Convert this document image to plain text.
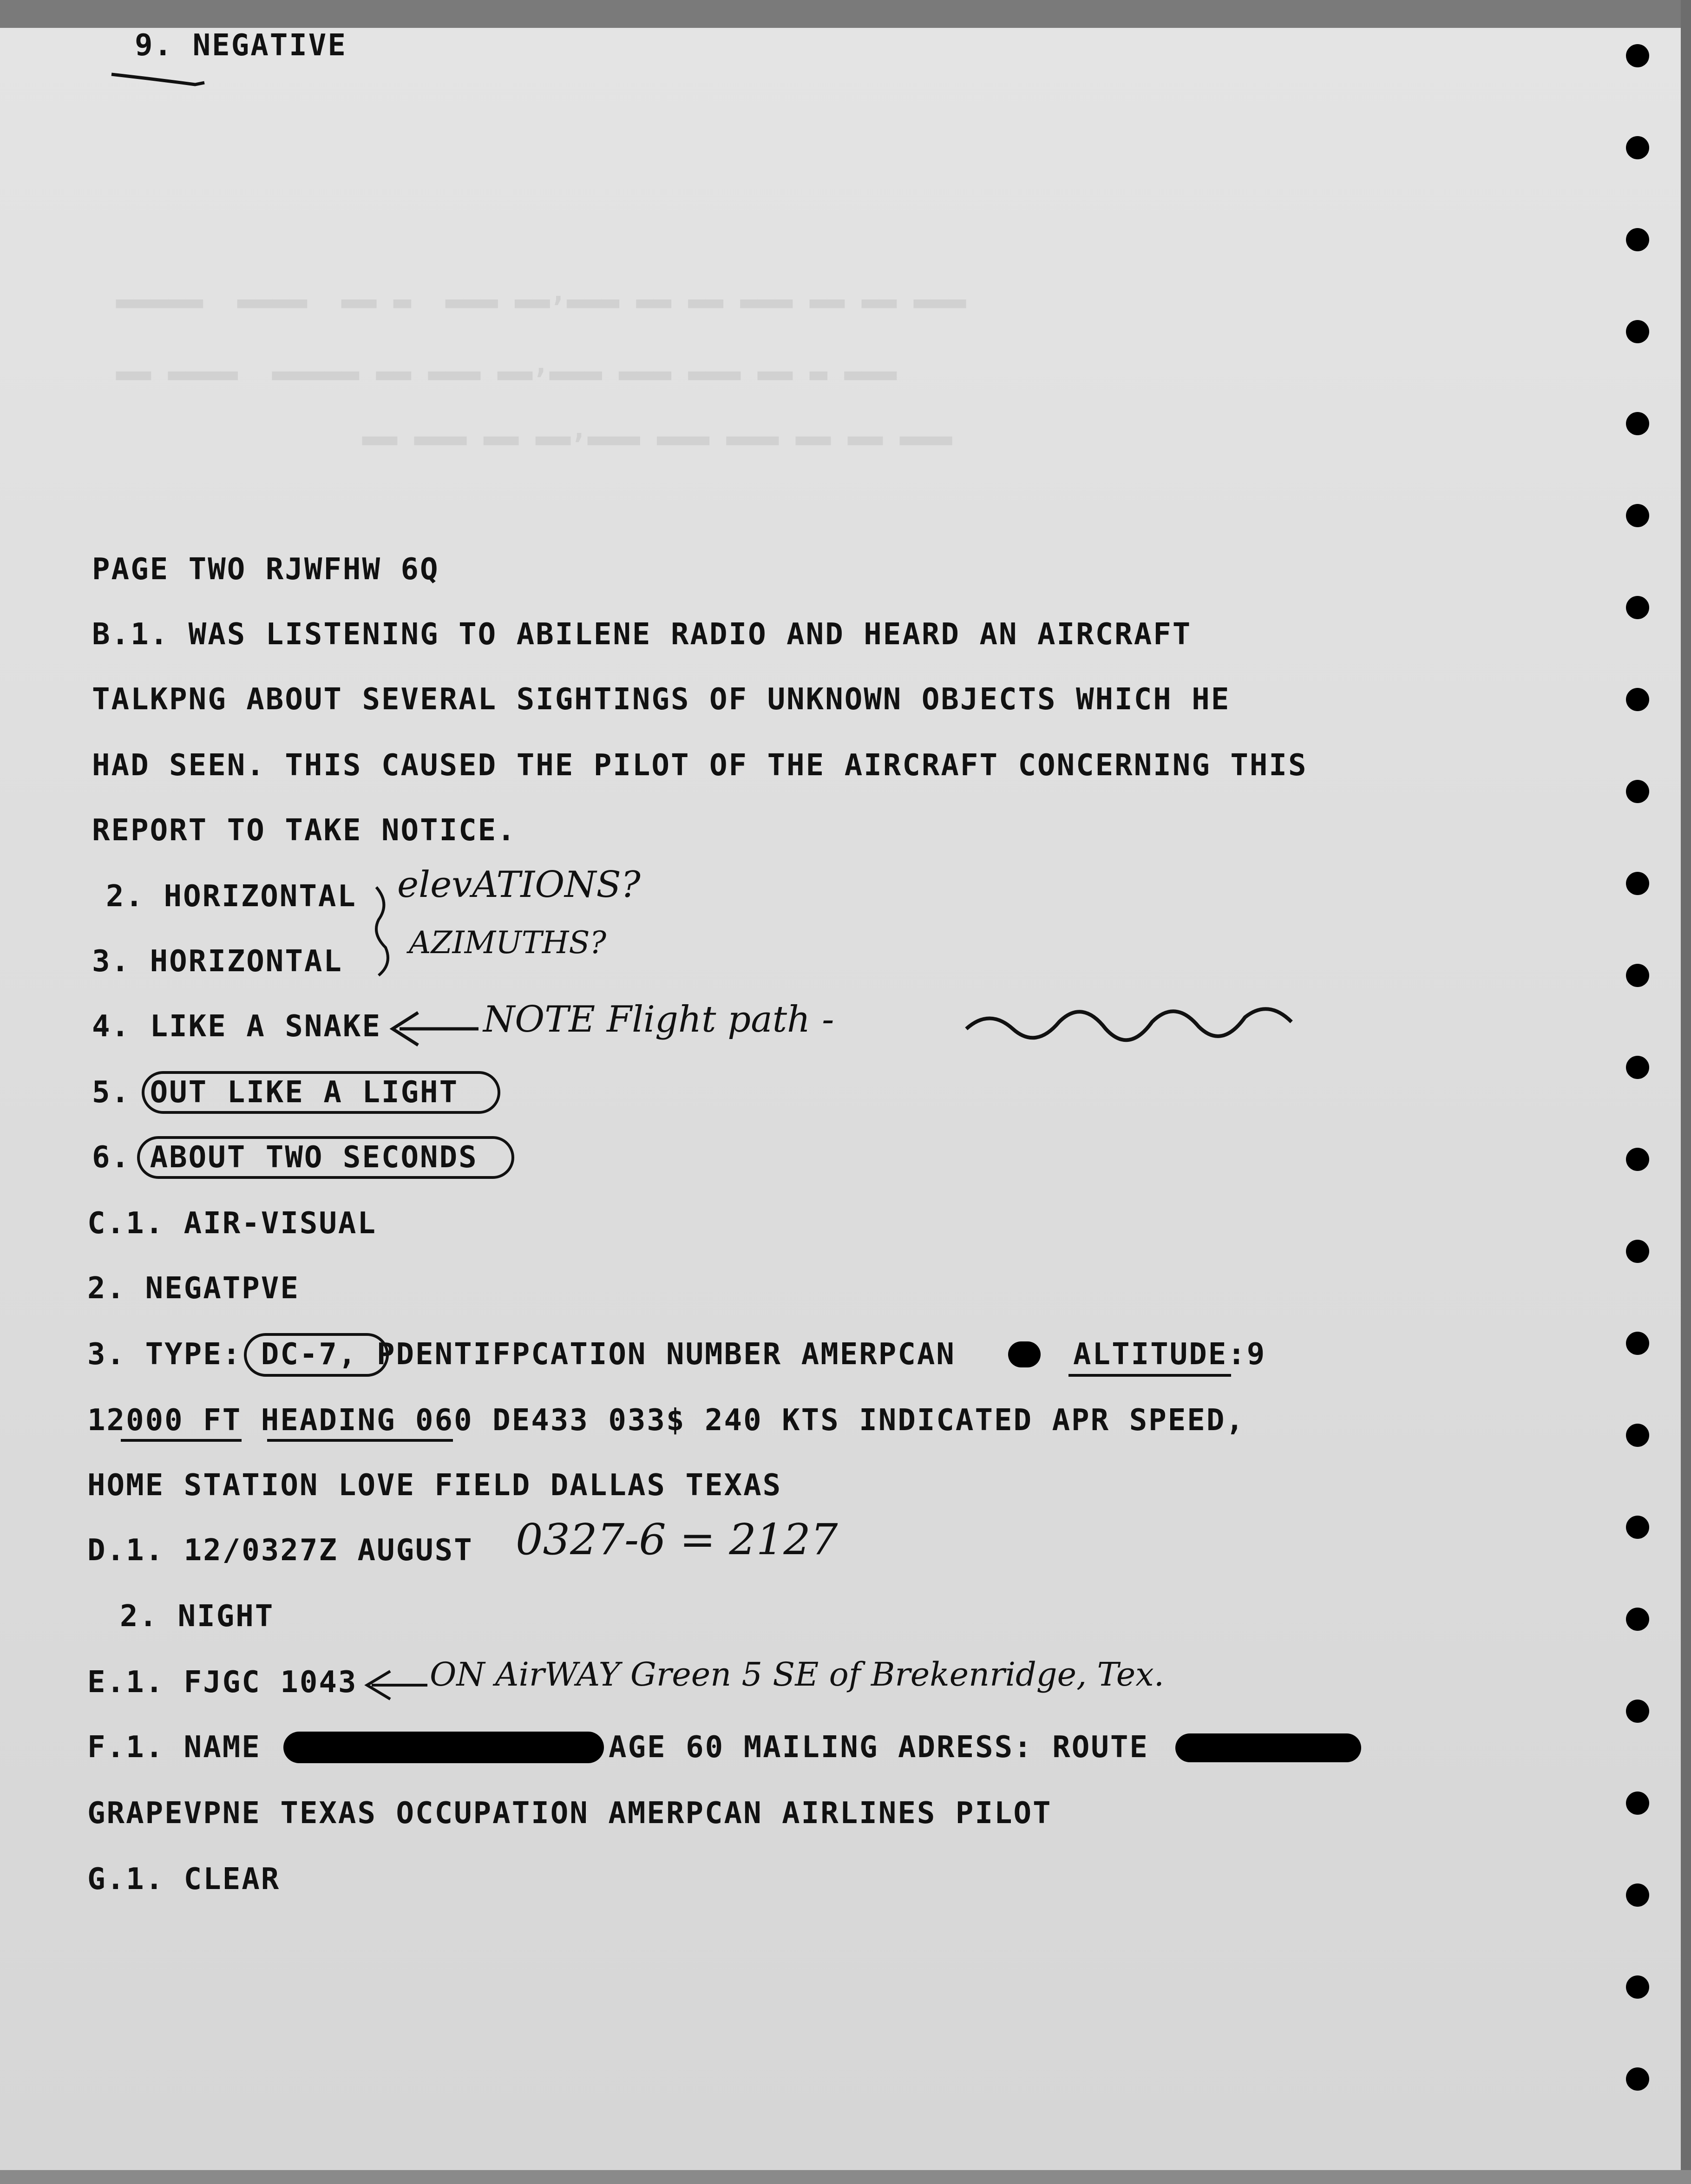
▂▂▂▂▂  ▂▂▂▂  ▂▂ ▂  ▂▂▂ ▂▂,▂▂▂ ▂▂ ▂▂ ▂▂▂ ▂▂ ▂▂ ▂▂▂
▂▂ ▂▂▂▂  ▂▂▂▂▂ ▂▂ ▂▂▂ ▂▂,▂▂▂ ▂▂▂ ▂▂▂ ▂▂ ▂ ▂▂▂
▂▂ ▂▂▂ ▂▂ ▂▂,▂▂▂ ▂▂▂ ▂▂▂ ▂▂ ▂▂ ▂▂▂
9. NEGATIVE
PAGE TWO RJWFHW 6Q
B.1. WAS LISTENING TO ABILENE RADIO AND HEARD AN AIRCRAFT
TALKPNG ABOUT SEVERAL SIGHTINGS OF UNKNOWN OBJECTS WHICH HE
HAD SEEN. THIS CAUSED THE PILOT OF THE AIRCRAFT CONCERNING THIS
REPORT TO TAKE NOTICE.
2. HORIZONTAL
3. HORIZONTAL
4. LIKE A SNAKE
5. OUT LIKE A LIGHT
6. ABOUT TWO SECONDS
C.1. AIR-VISUAL
2. NEGATPVE
3. TYPE: DC-7, PDENTIFPCATION NUMBER AMERPCAN	ALTITUDE:9
12000 FT HEADING 060 DE433 033$ 240 KTS INDICATED APR SPEED,
HOME STATION LOVE FIELD DALLAS TEXAS
D.1. 12/0327Z AUGUST
2. NIGHT
E.1. FJGC 1043
F.1. NAME	AGE 60 MAILING ADRESS: ROUTE
GRAPEVPNE TEXAS OCCUPATION AMERPCAN AIRLINES PILOT
G.1. CLEAR
elevATIONS?
AZIMUTHS?
NOTE Flight path -
0327-6 = 2127
ON AirWAY Green 5 SE of Brekenridge, Tex.
